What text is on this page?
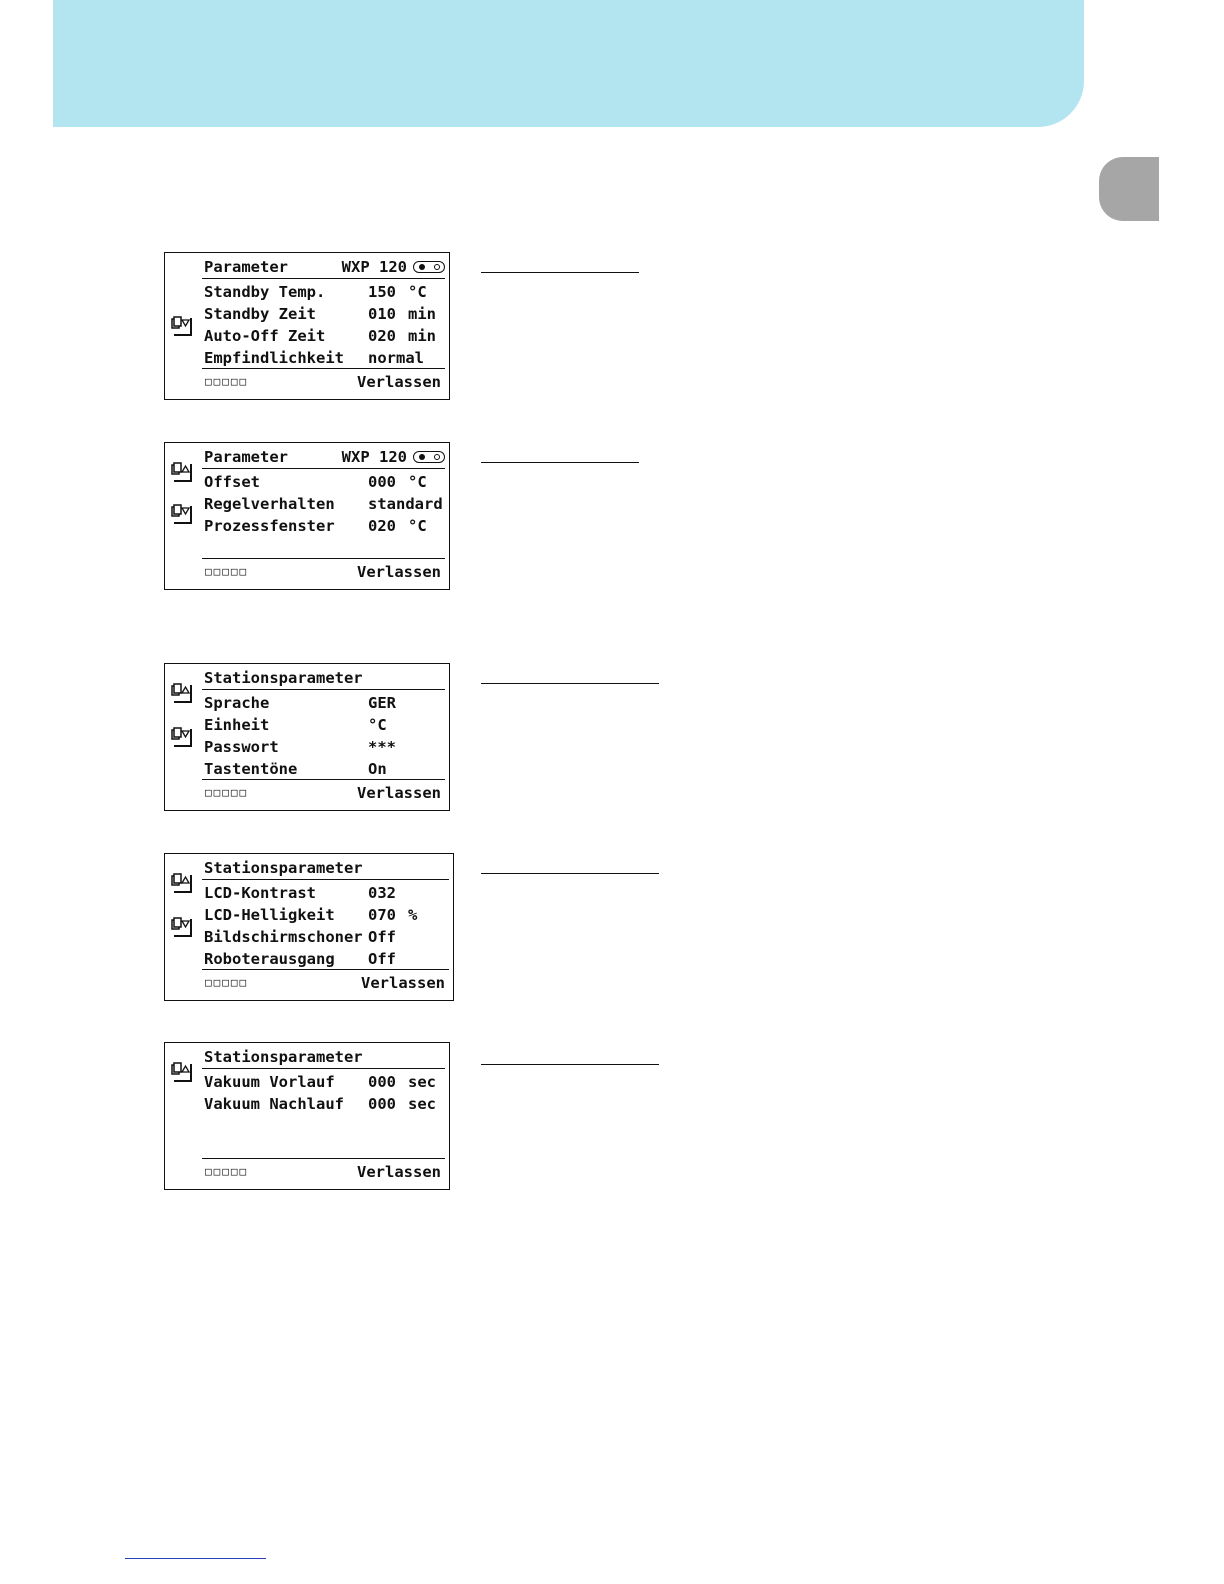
Parameter	WXP 120
Standby Temp.	150 °C
Standby Zeit	010 min
Auto-Off Zeit	020 min
Empfindlichkeit normal
□□□□□	Verlassen
Parameter	WXP 120
Offset	000 °C
Regelverhalten standard
Prozessfenster 020 °C
□□□□□	Verlassen
Stationsparameter
Sprache	GER
Einheit	°C
Passwort	***
Tastentöne	On
□□□□□	Verlassen
Stationsparameter
LCD-Kontrast	032
LCD-Helligkeit 070 %
Bildschirmschoner Off
Roboterausgang Off
□□□□□	Verlassen
Stationsparameter
Vakuum Vorlauf 000 sec
Vakuum Nachlauf 000 sec
□□□□□	Verlassen
